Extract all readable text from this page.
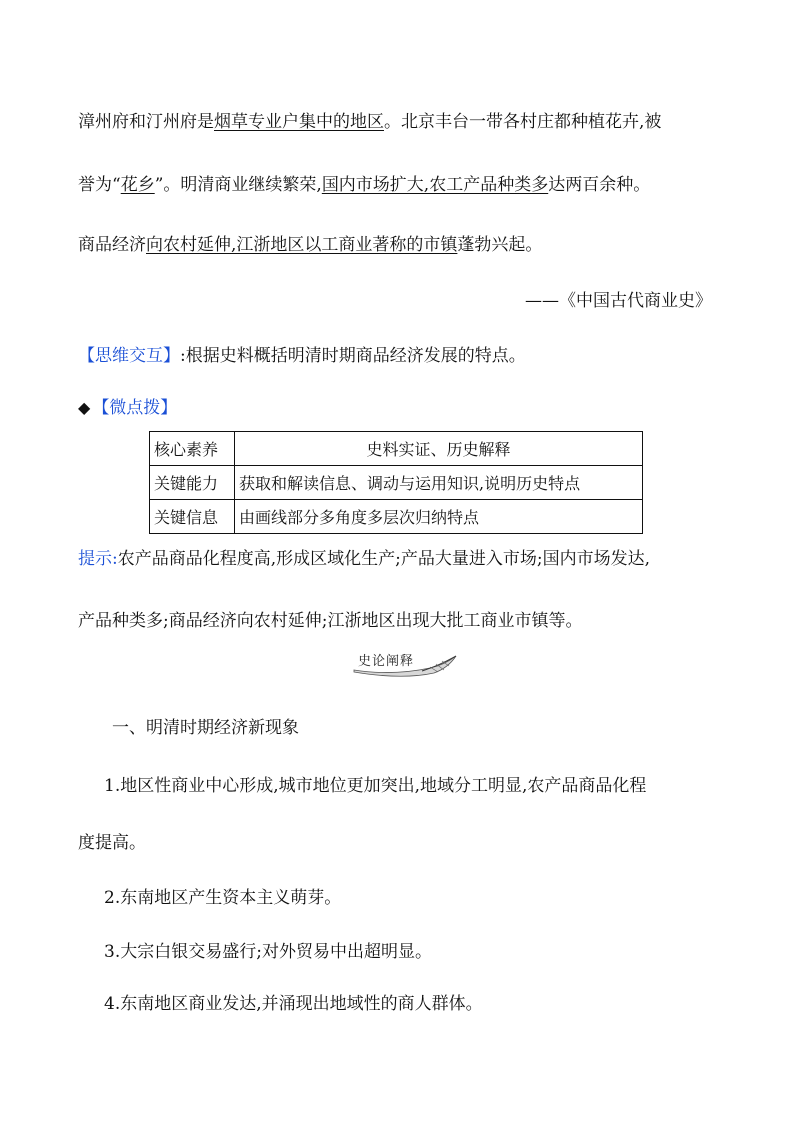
漳州府和汀州府是烟草专业户集中的地区。北京丰台一带各村庄都种植花卉,被
誉为“花乡”。明清商业继续繁荣,国内市场扩大,农工产品种类多达两百余种。
商品经济向农村延伸,江浙地区以工商业著称的市镇蓬勃兴起。
——《中国古代商业史》
【思维交互】:根据史料概括明清时期商品经济发展的特点。
◆ 【微点拨】
核心素养	史料实证、历史解释
关键能力	获取和解读信息、调动与运用知识,说明历史特点
关键信息	由画线部分多角度多层次归纳特点
提示:农产品商品化程度高,形成区域化生产;产品大量进入市场;国内市场发达,
产品种类多;商品经济向农村延伸;江浙地区出现大批工商业市镇等。
史论阐释
一、明清时期经济新现象
1.地区性商业中心形成,城市地位更加突出,地域分工明显,农产品商品化程
度提高。
2.东南地区产生资本主义萌芽。
3.大宗白银交易盛行;对外贸易中出超明显。
4.东南地区商业发达,并涌现出地域性的商人群体。
